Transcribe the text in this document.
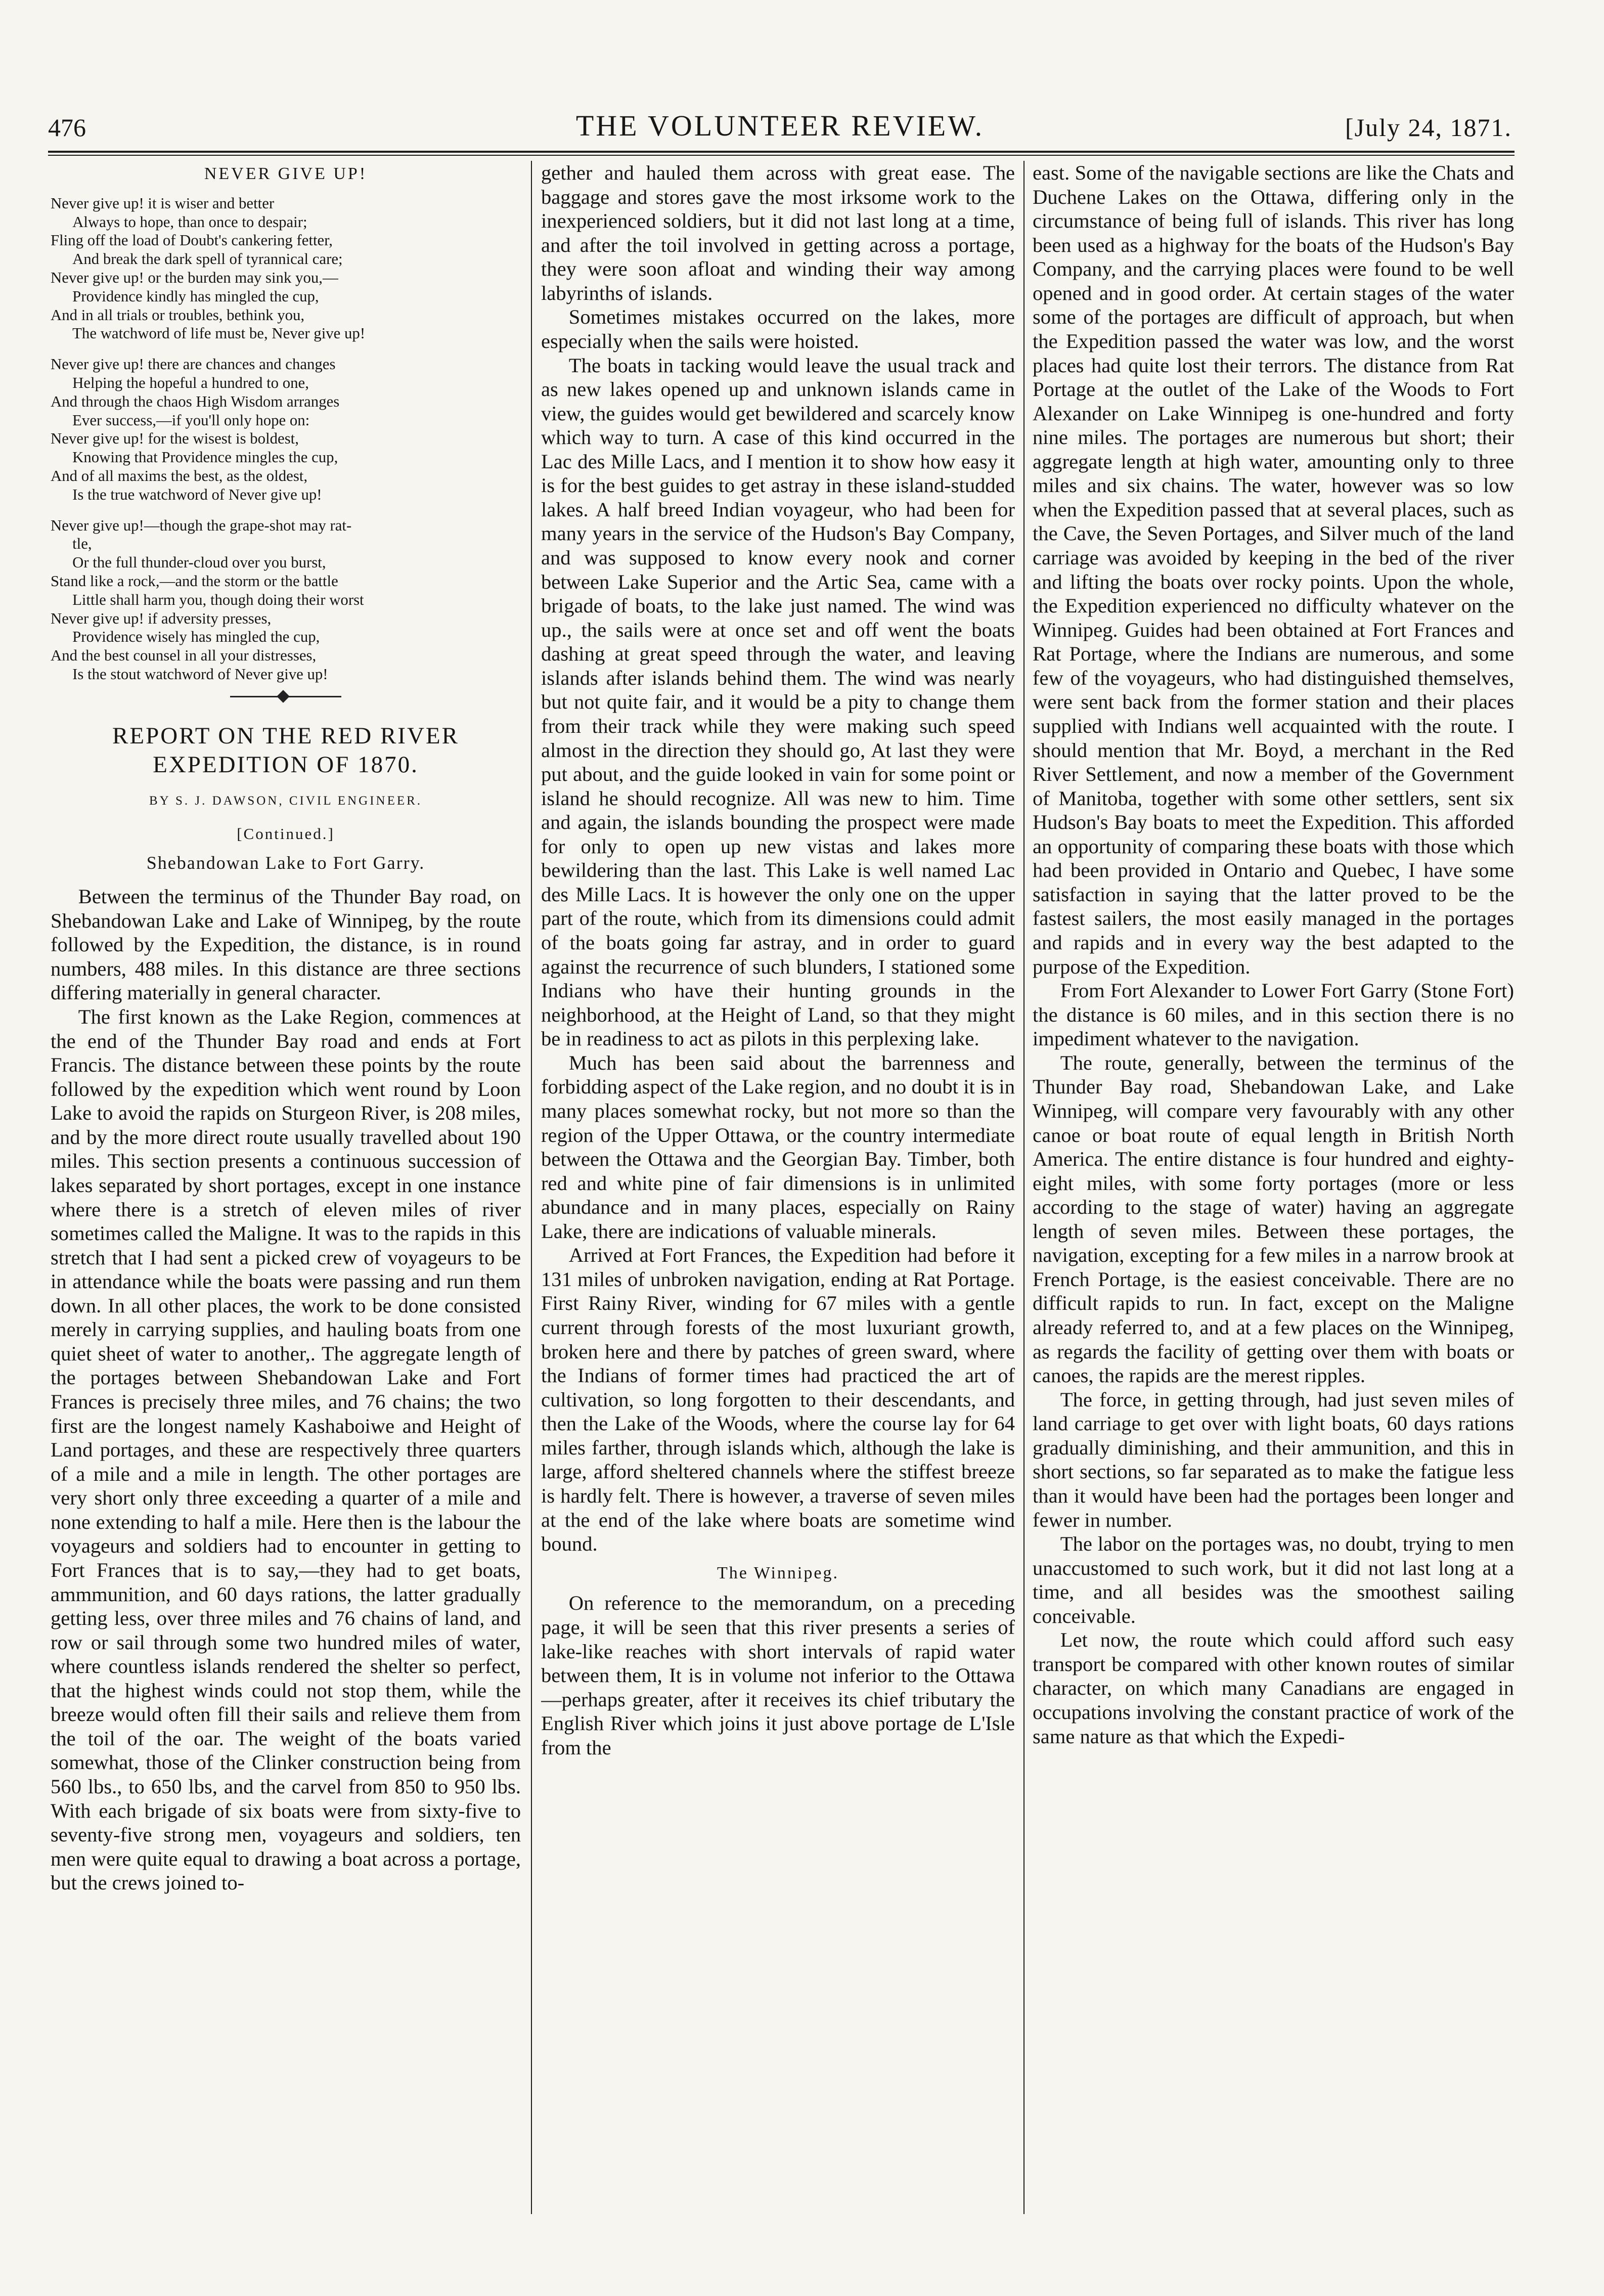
476	THE VOLUNTEER REVIEW.	[July 24, 1871.
NEVER GIVE UP!
Never give up! it is wiser and better
Always to hope, than once to despair;
Fling off the load of Doubt's cankering fetter,
And break the dark spell of tyrannical care;
Never give up! or the burden may sink you,—
Providence kindly has mingled the cup,
And in all trials or troubles, bethink you,
The watchword of life must be, Never give up!
Never give up! there are chances and changes
Helping the hopeful a hundred to one,
And through the chaos High Wisdom arranges
Ever success,—if you'll only hope on:
Never give up! for the wisest is boldest,
Knowing that Providence mingles the cup,
And of all maxims the best, as the oldest,
Is the true watchword of Never give up!
Never give up!—though the grape-shot may rat-
tle,
Or the full thunder-cloud over you burst,
Stand like a rock,—and the storm or the battle
Little shall harm you, though doing their worst
Never give up! if adversity presses,
Providence wisely has mingled the cup,
And the best counsel in all your distresses,
Is the stout watchword of Never give up!
REPORT ON THE RED RIVER EXPEDITION OF 1870.
BY S. J. DAWSON, CIVIL ENGINEER.
[Continued.]
Shebandowan Lake to Fort Garry.

Between the terminus of the Thunder Bay road, on Shebandowan Lake and Lake of Winnipeg, by the route followed by the Expedition, the distance, is in round numbers, 488 miles. In this distance are three sections differing materially in general character.

The first known as the Lake Region, commences at the end of the Thunder Bay road and ends at Fort Francis. The distance between these points by the route followed by the expedition which went round by Loon Lake to avoid the rapids on Sturgeon River, is 208 miles, and by the more direct route usually travelled about 190 miles. This section presents a continuous succession of lakes separated by short portages, except in one instance where there is a stretch of eleven miles of river sometimes called the Maligne. It was to the rapids in this stretch that I had sent a picked crew of voyageurs to be in attendance while the boats were passing and run them down. In all other places, the work to be done consisted merely in carrying supplies, and hauling boats from one quiet sheet of water to another,. The aggregate length of the portages between Shebandowan Lake and Fort Frances is precisely three miles, and 76 chains; the two first are the longest namely Kashaboiwe and Height of Land portages, and these are respectively three quarters of a mile and a mile in length. The other portages are very short only three exceeding a quarter of a mile and none extending to half a mile. Here then is the labour the voyageurs and soldiers had to encounter in getting to Fort Frances that is to say,—they had to get boats, ammmunition, and 60 days rations, the latter gradually getting less, over three miles and 76 chains of land, and row or sail through some two hundred miles of water, where countless islands rendered the shelter so perfect, that the highest winds could not stop them, while the breeze would often fill their sails and relieve them from the toil of the oar. The weight of the boats varied somewhat, those of the Clinker construction being from 560 lbs., to 650 lbs, and the carvel from 850 to 950 lbs. With each brigade of six boats were from sixty-five to seventy-five strong men, voyageurs and soldiers, ten men were quite equal to drawing a boat across a portage, but the crews joined to-

gether and hauled them across with great ease. The baggage and stores gave the most irksome work to the inexperienced soldiers, but it did not last long at a time, and after the toil involved in getting across a portage, they were soon afloat and winding their way among labyrinths of islands.

Sometimes mistakes occurred on the lakes, more especially when the sails were hoisted.

The boats in tacking would leave the usual track and as new lakes opened up and unknown islands came in view, the guides would get bewildered and scarcely know which way to turn. A case of this kind occurred in the Lac des Mille Lacs, and I mention it to show how easy it is for the best guides to get astray in these island-studded lakes. A half breed Indian voyageur, who had been for many years in the service of the Hudson's Bay Company, and was supposed to know every nook and corner between Lake Superior and the Artic Sea, came with a brigade of boats, to the lake just named. The wind was up., the sails were at once set and off went the boats dashing at great speed through the water, and leaving islands after islands behind them. The wind was nearly but not quite fair, and it would be a pity to change them from their track while they were making such speed almost in the direction they should go, At last they were put about, and the guide looked in vain for some point or island he should recognize. All was new to him. Time and again, the islands bounding the prospect were made for only to open up new vistas and lakes more bewildering than the last. This Lake is well named Lac des Mille Lacs. It is however the only one on the upper part of the route, which from its dimensions could admit of the boats going far astray, and in order to guard against the recurrence of such blunders, I stationed some Indians who have their hunting grounds in the neighborhood, at the Height of Land, so that they might be in readiness to act as pilots in this perplexing lake.

Much has been said about the barrenness and forbidding aspect of the Lake region, and no doubt it is in many places somewhat rocky, but not more so than the region of the Upper Ottawa, or the country intermediate between the Ottawa and the Georgian Bay. Timber, both red and white pine of fair dimensions is in unlimited abundance and in many places, especially on Rainy Lake, there are indications of valuable minerals.

Arrived at Fort Frances, the Expedition had before it 131 miles of unbroken navigation, ending at Rat Portage. First Rainy River, winding for 67 miles with a gentle current through forests of the most luxuriant growth, broken here and there by patches of green sward, where the Indians of former times had practiced the art of cultivation, so long forgotten to their descendants, and then the Lake of the Woods, where the course lay for 64 miles farther, through islands which, although the lake is large, afford sheltered channels where the stiffest breeze is hardly felt. There is however, a traverse of seven miles at the end of the lake where boats are sometime wind bound.

The Winnipeg.

On reference to the memorandum, on a preceding page, it will be seen that this river presents a series of lake-like reaches with short intervals of rapid water between them, It is in volume not inferior to the Ottawa—perhaps greater, after it receives its chief tributary the English River which joins it just above portage de L'Isle from the

east. Some of the navigable sections are like the Chats and Duchene Lakes on the Ottawa, differing only in the circumstance of being full of islands. This river has long been used as a highway for the boats of the Hudson's Bay Company, and the carrying places were found to be well opened and in good order. At certain stages of the water some of the portages are difficult of approach, but when the Expedition passed the water was low, and the worst places had quite lost their terrors. The distance from Rat Portage at the outlet of the Lake of the Woods to Fort Alexander on Lake Winnipeg is one-hundred and forty nine miles. The portages are numerous but short; their aggregate length at high water, amounting only to three miles and six chains. The water, however was so low when the Expedition passed that at several places, such as the Cave, the Seven Portages, and Silver much of the land carriage was avoided by keeping in the bed of the river and lifting the boats over rocky points. Upon the whole, the Expedition experienced no difficulty whatever on the Winnipeg. Guides had been obtained at Fort Frances and Rat Portage, where the Indians are numerous, and some few of the voyageurs, who had distinguished themselves, were sent back from the former station and their places supplied with Indians well acquainted with the route. I should mention that Mr. Boyd, a merchant in the Red River Settlement, and now a member of the Government of Manitoba, together with some other settlers, sent six Hudson's Bay boats to meet the Expedition. This afforded an opportunity of comparing these boats with those which had been provided in Ontario and Quebec, I have some satisfaction in saying that the latter proved to be the fastest sailers, the most easily managed in the portages and rapids and in every way the best adapted to the purpose of the Expedition.

From Fort Alexander to Lower Fort Garry (Stone Fort) the distance is 60 miles, and in this section there is no impediment whatever to the navigation.

The route, generally, between the terminus of the Thunder Bay road, Shebandowan Lake, and Lake Winnipeg, will compare very favourably with any other canoe or boat route of equal length in British North America. The entire distance is four hundred and eighty-eight miles, with some forty portages (more or less according to the stage of water) having an aggregate length of seven miles. Between these portages, the navigation, excepting for a few miles in a narrow brook at French Portage, is the easiest conceivable. There are no difficult rapids to run. In fact, except on the Maligne already referred to, and at a few places on the Winnipeg, as regards the facility of getting over them with boats or canoes, the rapids are the merest ripples.

The force, in getting through, had just seven miles of land carriage to get over with light boats, 60 days rations gradually diminishing, and their ammunition, and this in short sections, so far separated as to make the fatigue less than it would have been had the portages been longer and fewer in number.

The labor on the portages was, no doubt, trying to men unaccustomed to such work, but it did not last long at a time, and all besides was the smoothest sailing conceivable.

Let now, the route which could afford such easy transport be compared with other known routes of similar character, on which many Canadians are engaged in occupations involving the constant practice of work of the same nature as that which the Expedi-
